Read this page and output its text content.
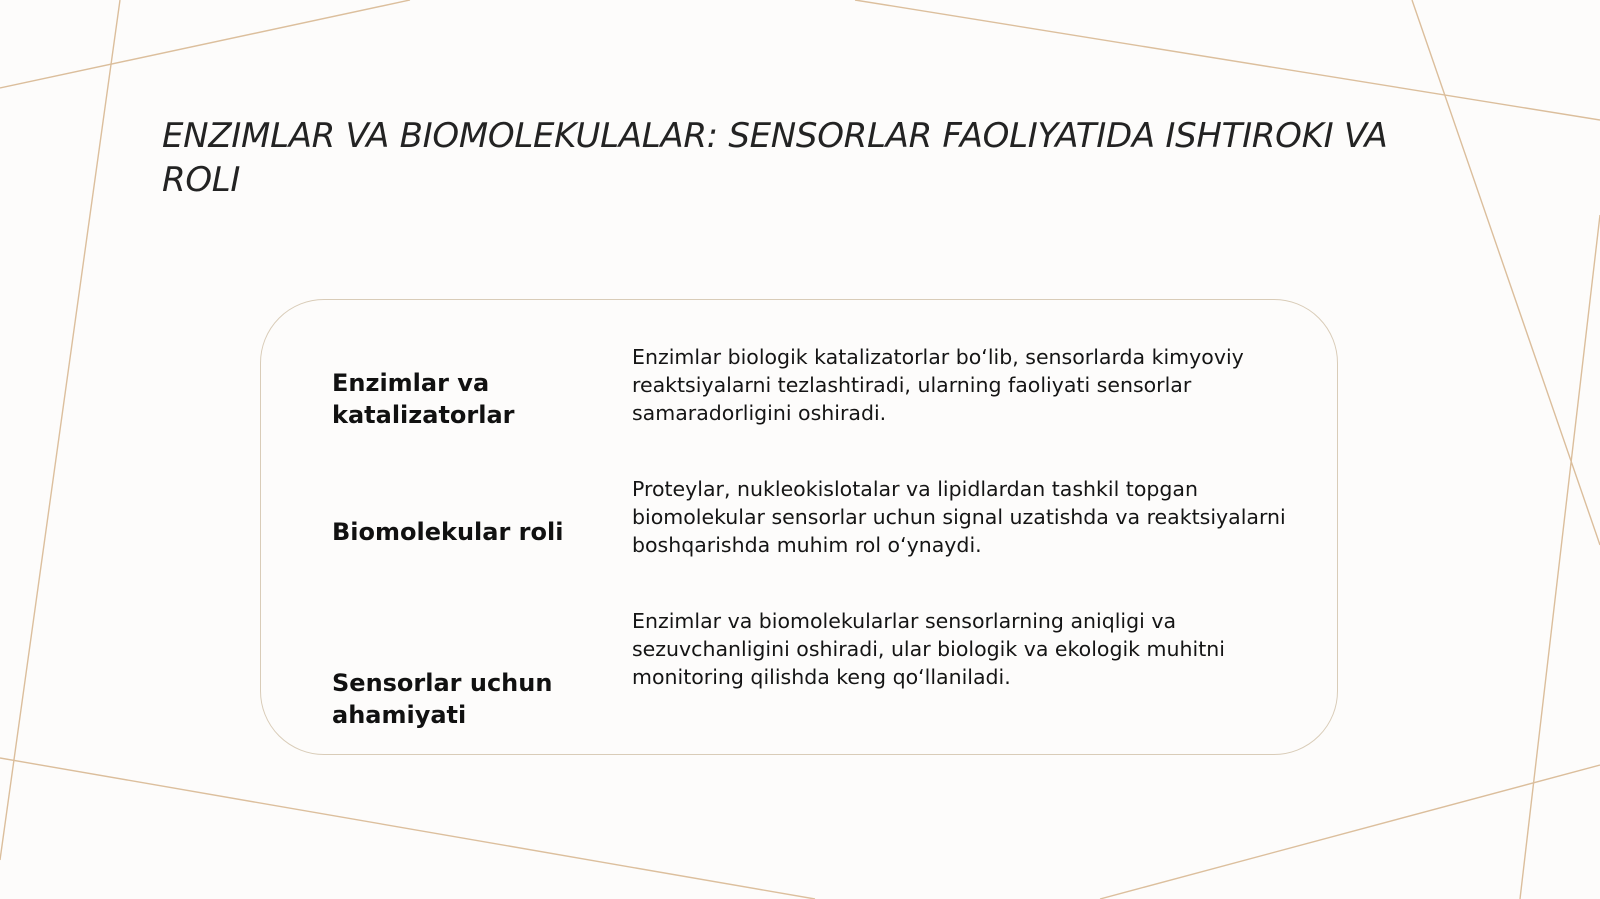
ENZIMLAR VA BIOMOLEKULALAR: SENSORLAR FAOLIYATIDA ISHTIROKI VA ROLI
Enzimlar va katalizatorlar

Enzimlar biologik katalizatorlar bo‘lib, sensorlarda kimyoviy reaktsiyalarni tezlashtiradi, ularning faoliyati sensorlar samaradorligini oshiradi.

Biomolekular roli

Proteylar, nukleokislotalar va lipidlardan tashkil topgan biomolekular sensorlar uchun signal uzatishda va reaktsiyalarni boshqarishda muhim rol o‘ynaydi.

Sensorlar uchun ahamiyati

Enzimlar va biomolekularlar sensorlarning aniqligi va sezuvchanligini oshiradi, ular biologik va ekologik muhitni monitoring qilishda keng qo‘llaniladi.
